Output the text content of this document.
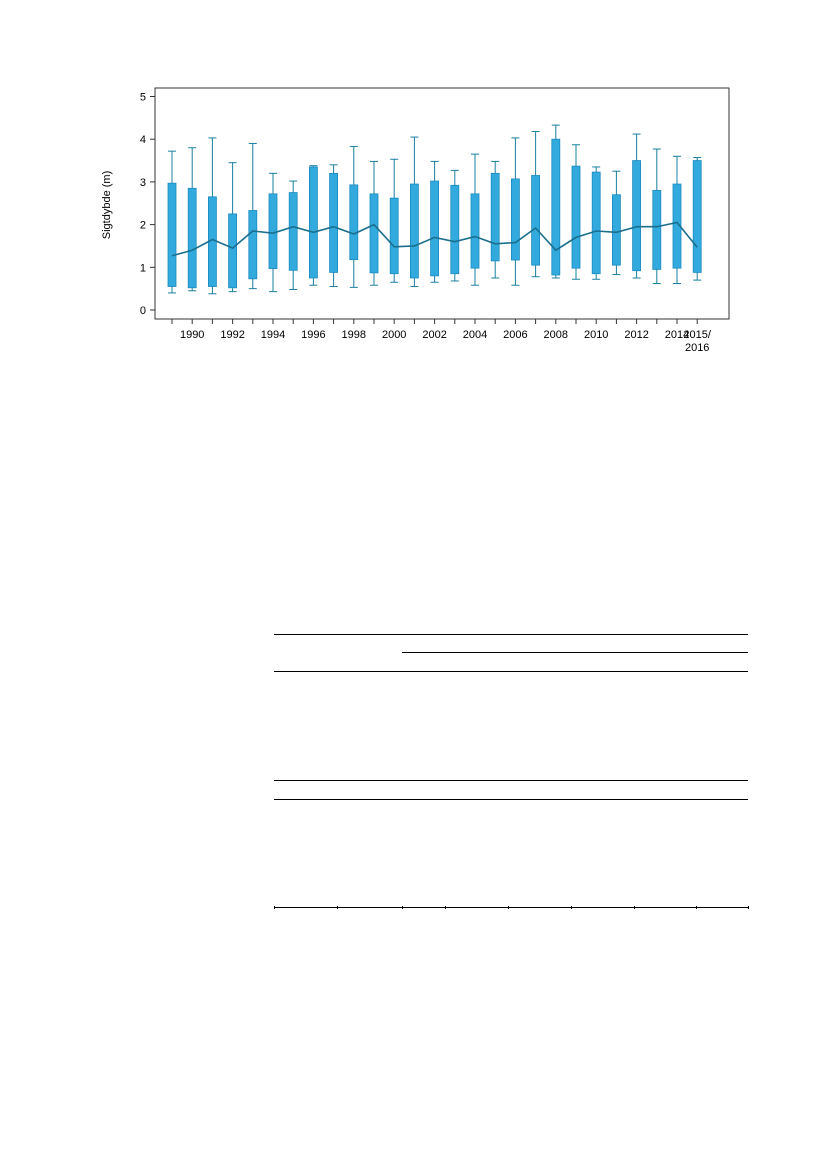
0
1
2
3
4
5
1990 1992 1994 1996 1998 2000 2002 2004 2006 2008 2010 2012 2014
2015/ 2016
Sigtdybde (m)
